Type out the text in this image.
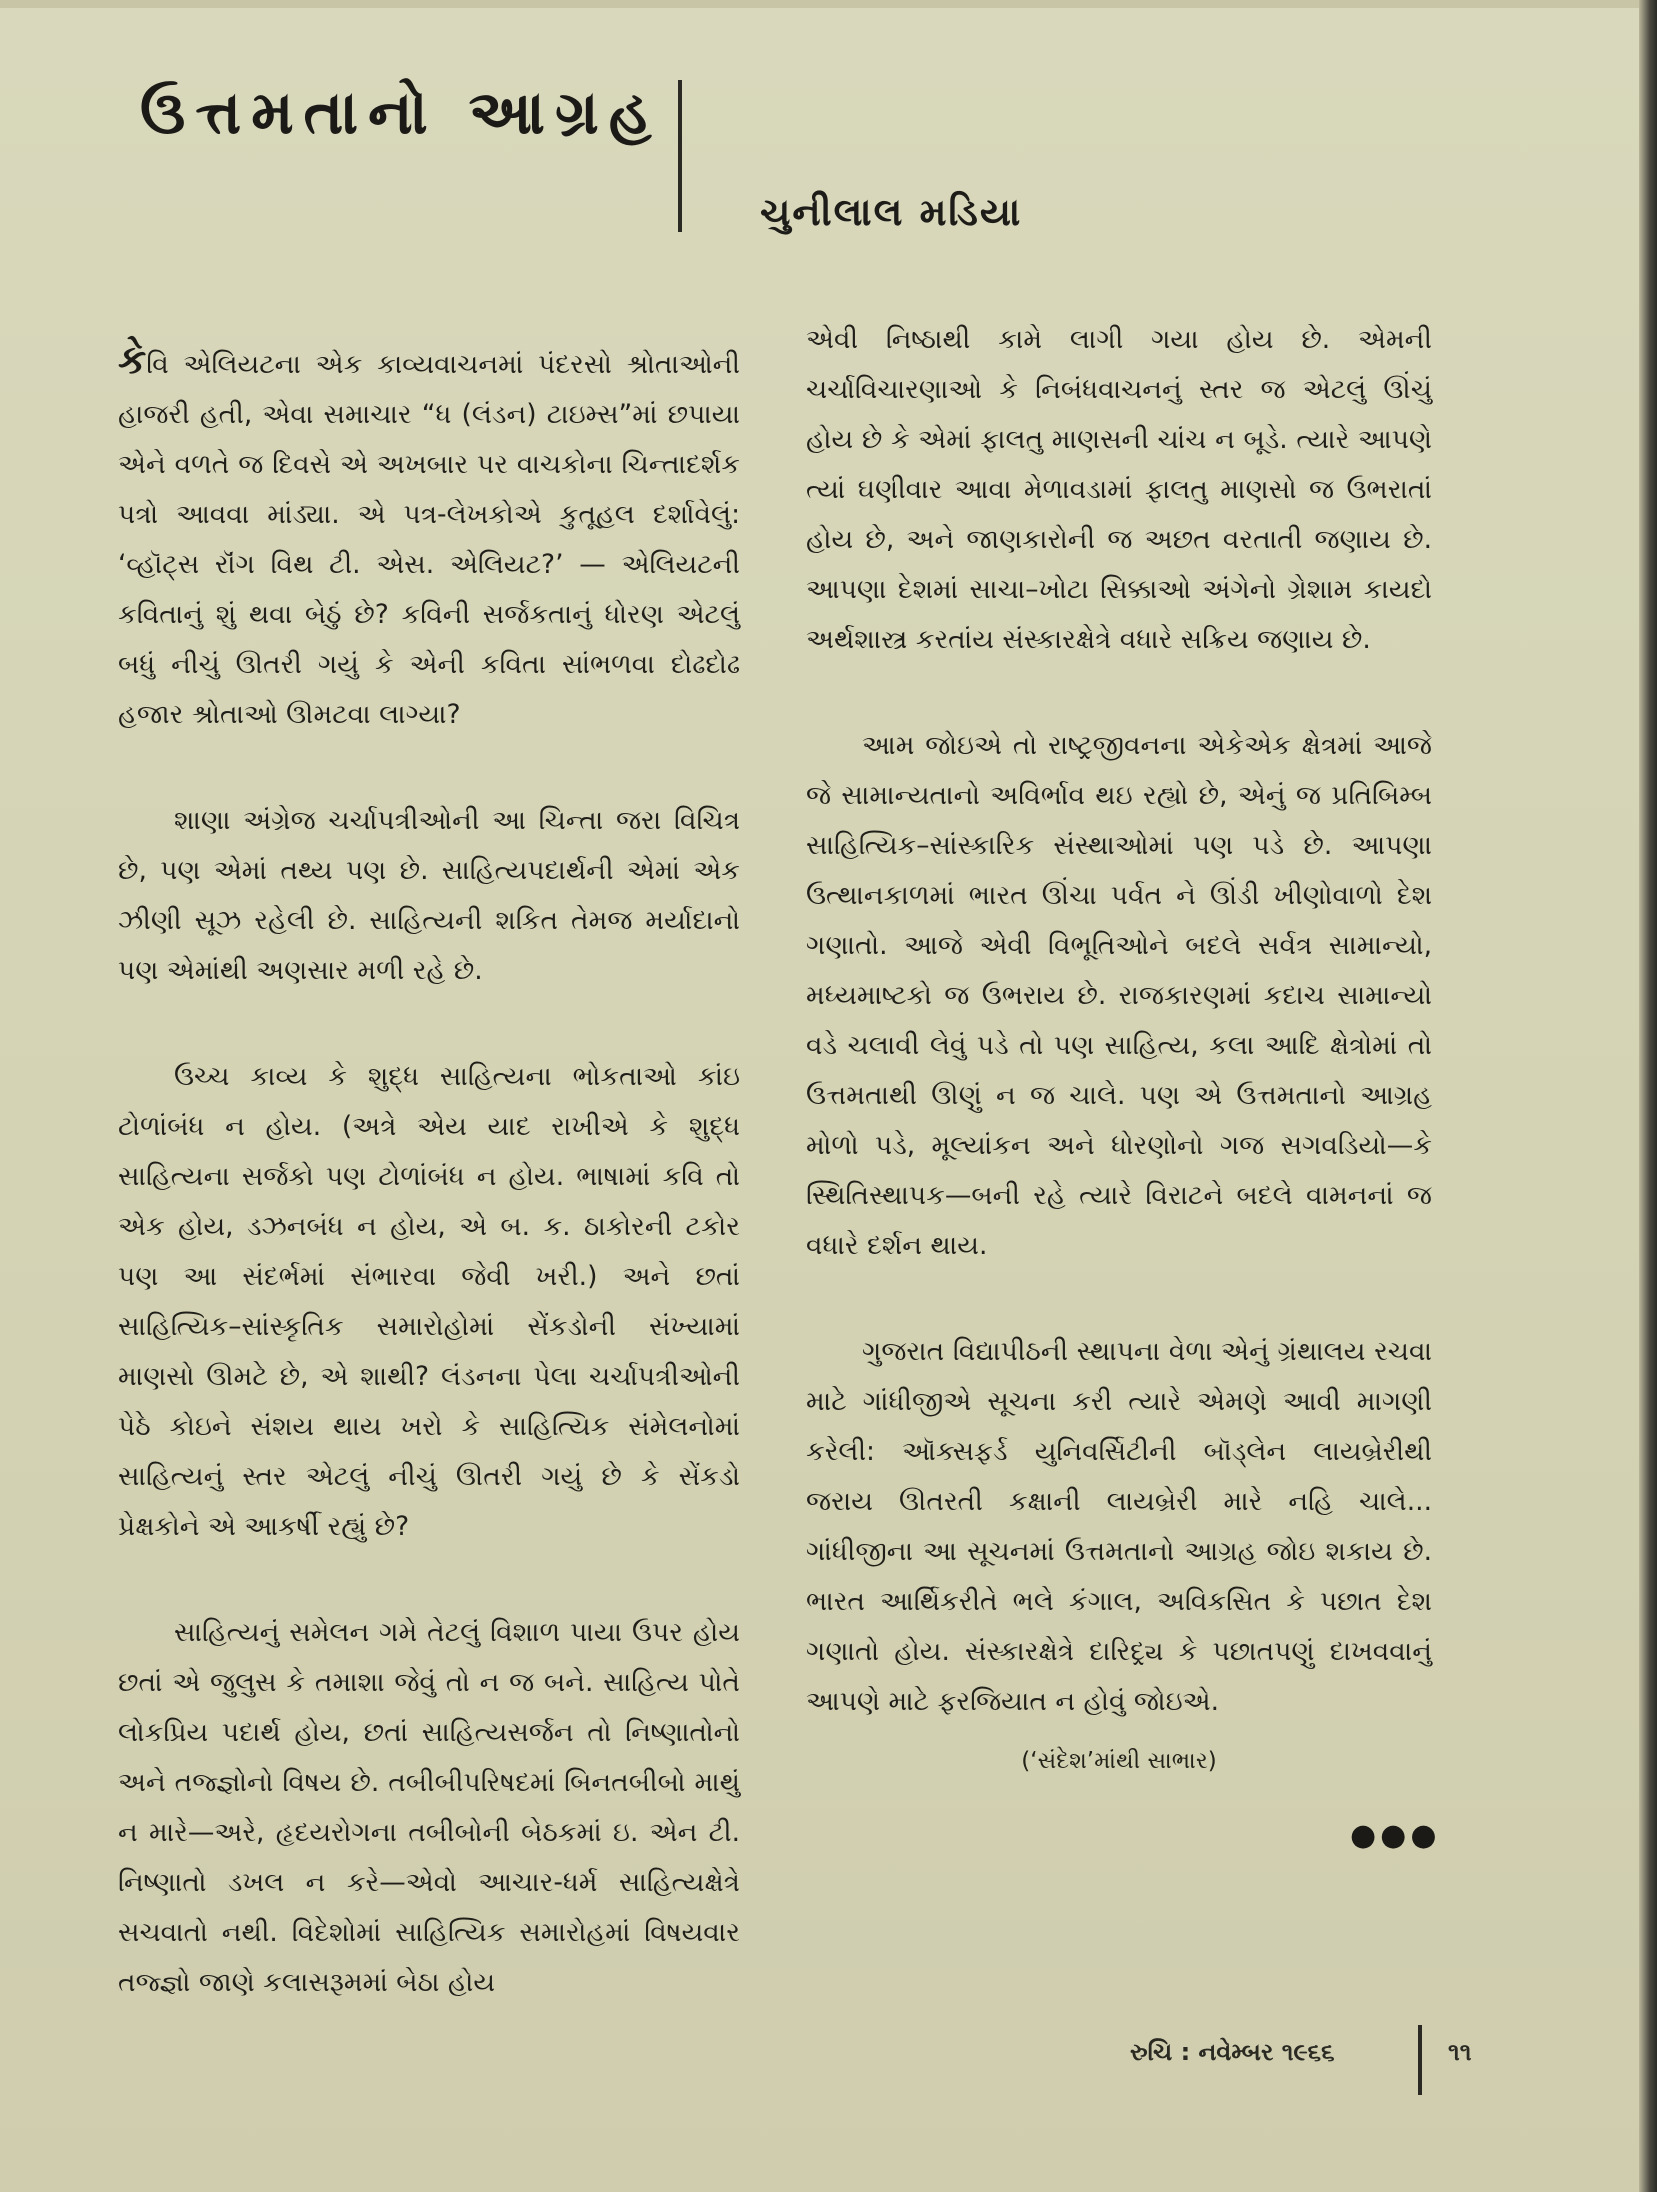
ઉત્તમતાનો આગ્રહ
ચુનીલાલ મડિયા

કેવિ એલિયટના એક કાવ્યવાચનમાં પંદરસો શ્રોતાઓની હાજરી હતી, એવા સમાચાર “ધ (લંડન) ટાઇમ્સ”માં છપાયા એને વળતે જ દિવસે એ અખબાર પર વાચકોના ચિન્તાદર્શક પત્રો આવવા માંડ્યા. એ પત્ર-લેખકોએ કુતૂહલ દર્શાવેલું: ‘વ્હૉટ્સ રૉંગ વિથ ટી. એસ. એલિયટ?’ — એલિયટની કવિતાનું શું થવા બેઠું છે? કવિની સર્જકતાનું ધોરણ એટલું બધું નીચું ઊતરી ગયું કે એની કવિતા સાંભળવા દોઢદોઢ હજાર શ્રોતાઓ ઊમટવા લાગ્યા?

શાણા અંગ્રેજ ચર્ચાપત્રીઓની આ ચિન્તા જરા વિચિત્ર છે, પણ એમાં તથ્ય પણ છે. સાહિત્યપદાર્થની એમાં એક ઝીણી સૂઝ રહેલી છે. સાહિત્યની શકિત તેમજ મર્યાદાનો પણ એમાંથી અણસાર મળી રહે છે.

ઉચ્ચ કાવ્ય કે શુદ્ધ સાહિત્યના ભોકતાઓ કાંઇ ટોળાંબંધ ન હોય. (અત્રે એય યાદ રાખીએ કે શુદ્ધ સાહિત્યના સર્જકો પણ ટોળાંબંધ ન હોય. ભાષામાં કવિ તો એક હોય, ડઝનબંધ ન હોય, એ બ. ક. ઠાકોરની ટકોર પણ આ સંદર્ભમાં સંભારવા જેવી ખરી.) અને છતાં સાહિત્યિક–સાંસ્કૃતિક સમારોહોમાં સેંકડોની સંખ્યામાં માણસો ઊમટે છે, એ શાથી? લંડનના પેલા ચર્ચાપત્રીઓની પેઠે કોઇને સંશય થાય ખરો કે સાહિત્યિક સંમેલનોમાં સાહિત્યનું સ્તર એટલું નીચું ઊતરી ગયું છે કે સેંકડો પ્રેક્ષકોને એ આકર્ષી રહ્યું છે?

સાહિત્યનું સમેલન ગમે તેટલું વિશાળ પાયા ઉપર હોય છતાં એ જુલુસ કે તમાશા જેવું તો ન જ બને. સાહિત્ય પોતે લોકપ્રિય પદાર્થ હોય, છતાં સાહિત્યસર્જન તો નિષ્ણાતોનો અને તજ્જ્ઞોનો વિષય છે. તબીબીપરિષદમાં બિનતબીબો માથું ન મારે—અરે, હૃદયરોગના તબીબોની બેઠકમાં ઇ. એન ટી. નિષ્ણાતો ડખલ ન કરે—એવો આચાર-ધર્મ સાહિત્યક્ષેત્રે સચવાતો નથી. વિદેશોમાં સાહિત્યિક સમારોહમાં વિષયવાર તજ્જ્ઞો જાણે કલાસરૂમમાં બેઠા હોય

એવી નિષ્ઠાથી કામે લાગી ગયા હોય છે. એમની ચર્ચાવિચારણાઓ કે નિબંધવાચનનું સ્તર જ એટલું ઊંચું હોય છે કે એમાં ફાલતુ માણસની ચાંચ ન બૂડે. ત્યારે આપણે ત્યાં ઘણીવાર આવા મેળાવડામાં ફાલતુ માણસો જ ઉભરાતાં હોય છે, અને જાણકારોની જ અછત વરતાતી જણાય છે. આપણા દેશમાં સાચા–ખોટા સિક્કાઓ અંગેનો ગ્રેશામ કાયદો અર્થશાસ્ત્ર કરતાંય સંસ્કારક્ષેત્રે વધારે સક્રિય જણાય છે.

આમ જોઇએ તો રાષ્ટ્રજીવનના એકેએક ક્ષેત્રમાં આજે જે સામાન્યતાનો અવિર્ભાવ થઇ રહ્યો છે, એનું જ પ્રતિબિમ્બ સાહિત્યિક–સાંસ્કારિક સંસ્થાઓમાં પણ પડે છે. આપણા ઉત્થાનકાળમાં ભારત ઊંચા પર્વત ને ઊંડી ખીણોવાળો દેશ ગણાતો. આજે એવી વિભૂતિઓને બદલે સર્વત્ર સામાન્યો, મધ્યમાષ્ટકો જ ઉભરાય છે. રાજકારણમાં કદાચ સામાન્યો વડે ચલાવી લેવું પડે તો પણ સાહિત્ય, કલા આદિ ક્ષેત્રોમાં તો ઉત્તમતાથી ઊણું ન જ ચાલે. પણ એ ઉત્તમતાનો આગ્રહ મોળો પડે, મૂલ્યાંકન અને ધોરણોનો ગજ સગવડિયો—કે સ્થિતિસ્થાપક—બની રહે ત્યારે વિરાટને બદલે વામનનાં જ વધારે દર્શન થાય.

ગુજરાત વિદ્યાપીઠની સ્થાપના વેળા એનું ગ્રંથાલય રચવા માટે ગાંધીજીએ સૂચના કરી ત્યારે એમણે આવી માગણી કરેલી: ઑક્સફર્ડ યુનિવર્સિટીની બૉડ્લેન લાયબ્રેરીથી જરાય ઊતરતી કક્ષાની લાયબ્રેરી મારે નહિ ચાલે... ગાંધીજીના આ સૂચનમાં ઉત્તમતાનો આગ્રહ જોઇ શકાય છે. ભારત આર્થિકરીતે ભલે કંગાલ, અવિકસિત કે પછાત દેશ ગણાતો હોય. સંસ્કારક્ષેત્રે દારિદ્ર્ય કે પછાતપણું દાખવવાનું આપણે માટે ફરજિયાત ન હોવું જોઇએ.

(‘સંદેશ’માંથી સાભાર)
●●●
રુચિ : નવેમ્બર ૧૯૬૬	૧૧
